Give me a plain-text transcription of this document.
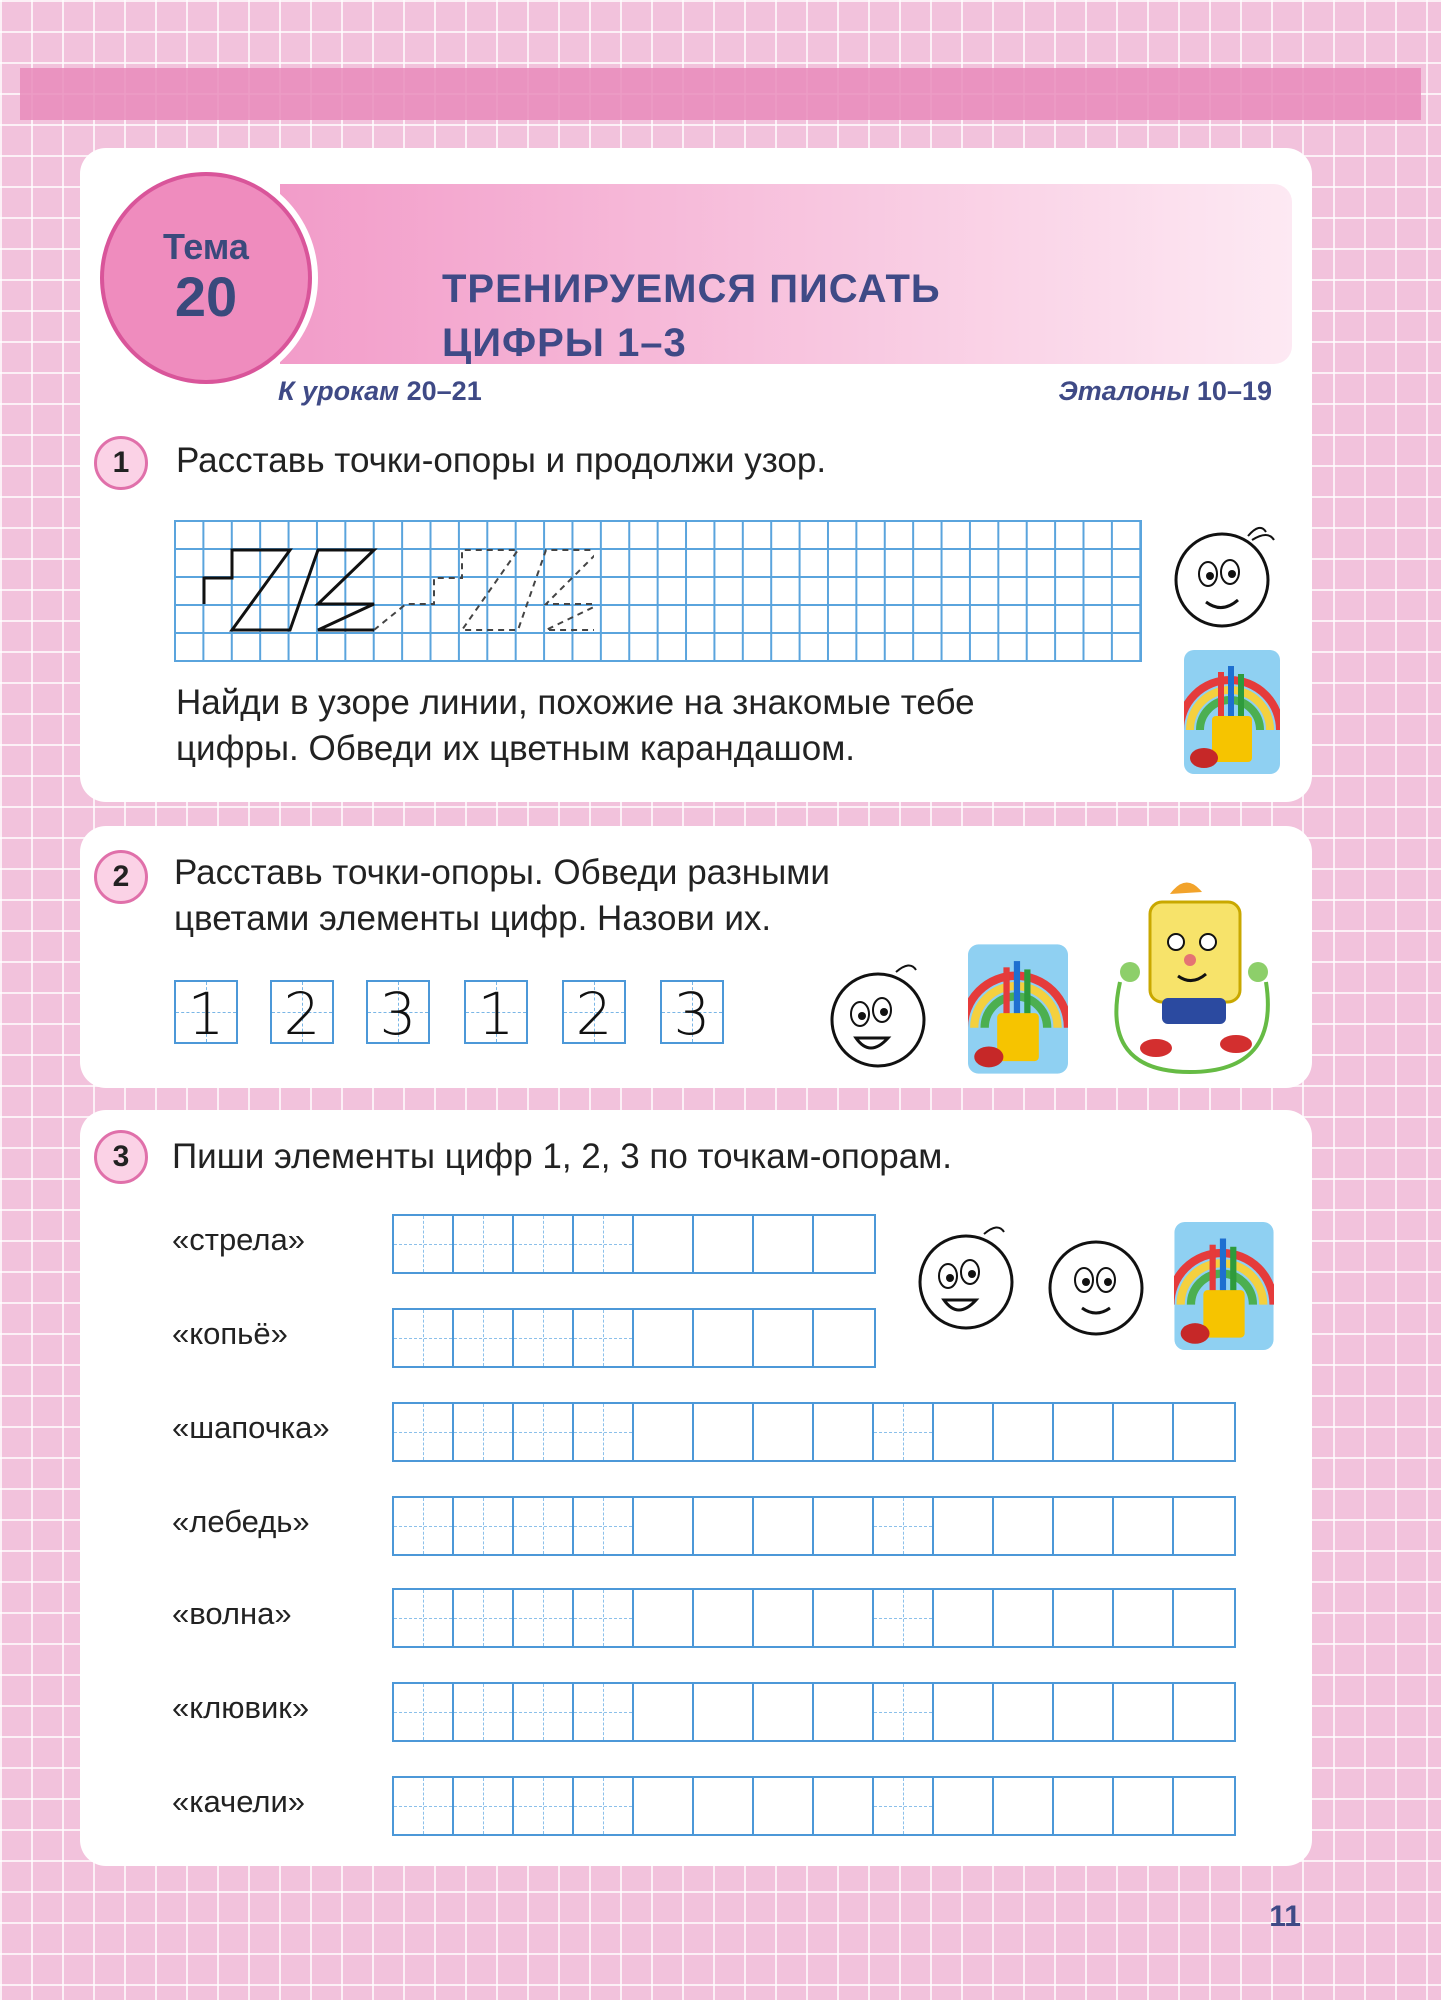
ТРЕНИРУЕМСЯ ПИСАТЬ
ЦИФРЫ 1–3
Тема
20
К урокам 20–21	Эталоны 10–19
1	Расставь точки-опоры и продолжи узор.
Найди в узоре линии, похожие на знакомые тебе
цифры. Обведи их цветным карандашом.
2	Расставь точки-опоры. Обведи разными
цветами элементы цифр. Назови их.
1 2 3 1 2 3
3	Пиши элементы цифр 1, 2, 3 по точкам-опорам.
«стрела»
«копьё»
«шапочка»
«лебедь»
«волна»
«клювик»
«качели»
11
